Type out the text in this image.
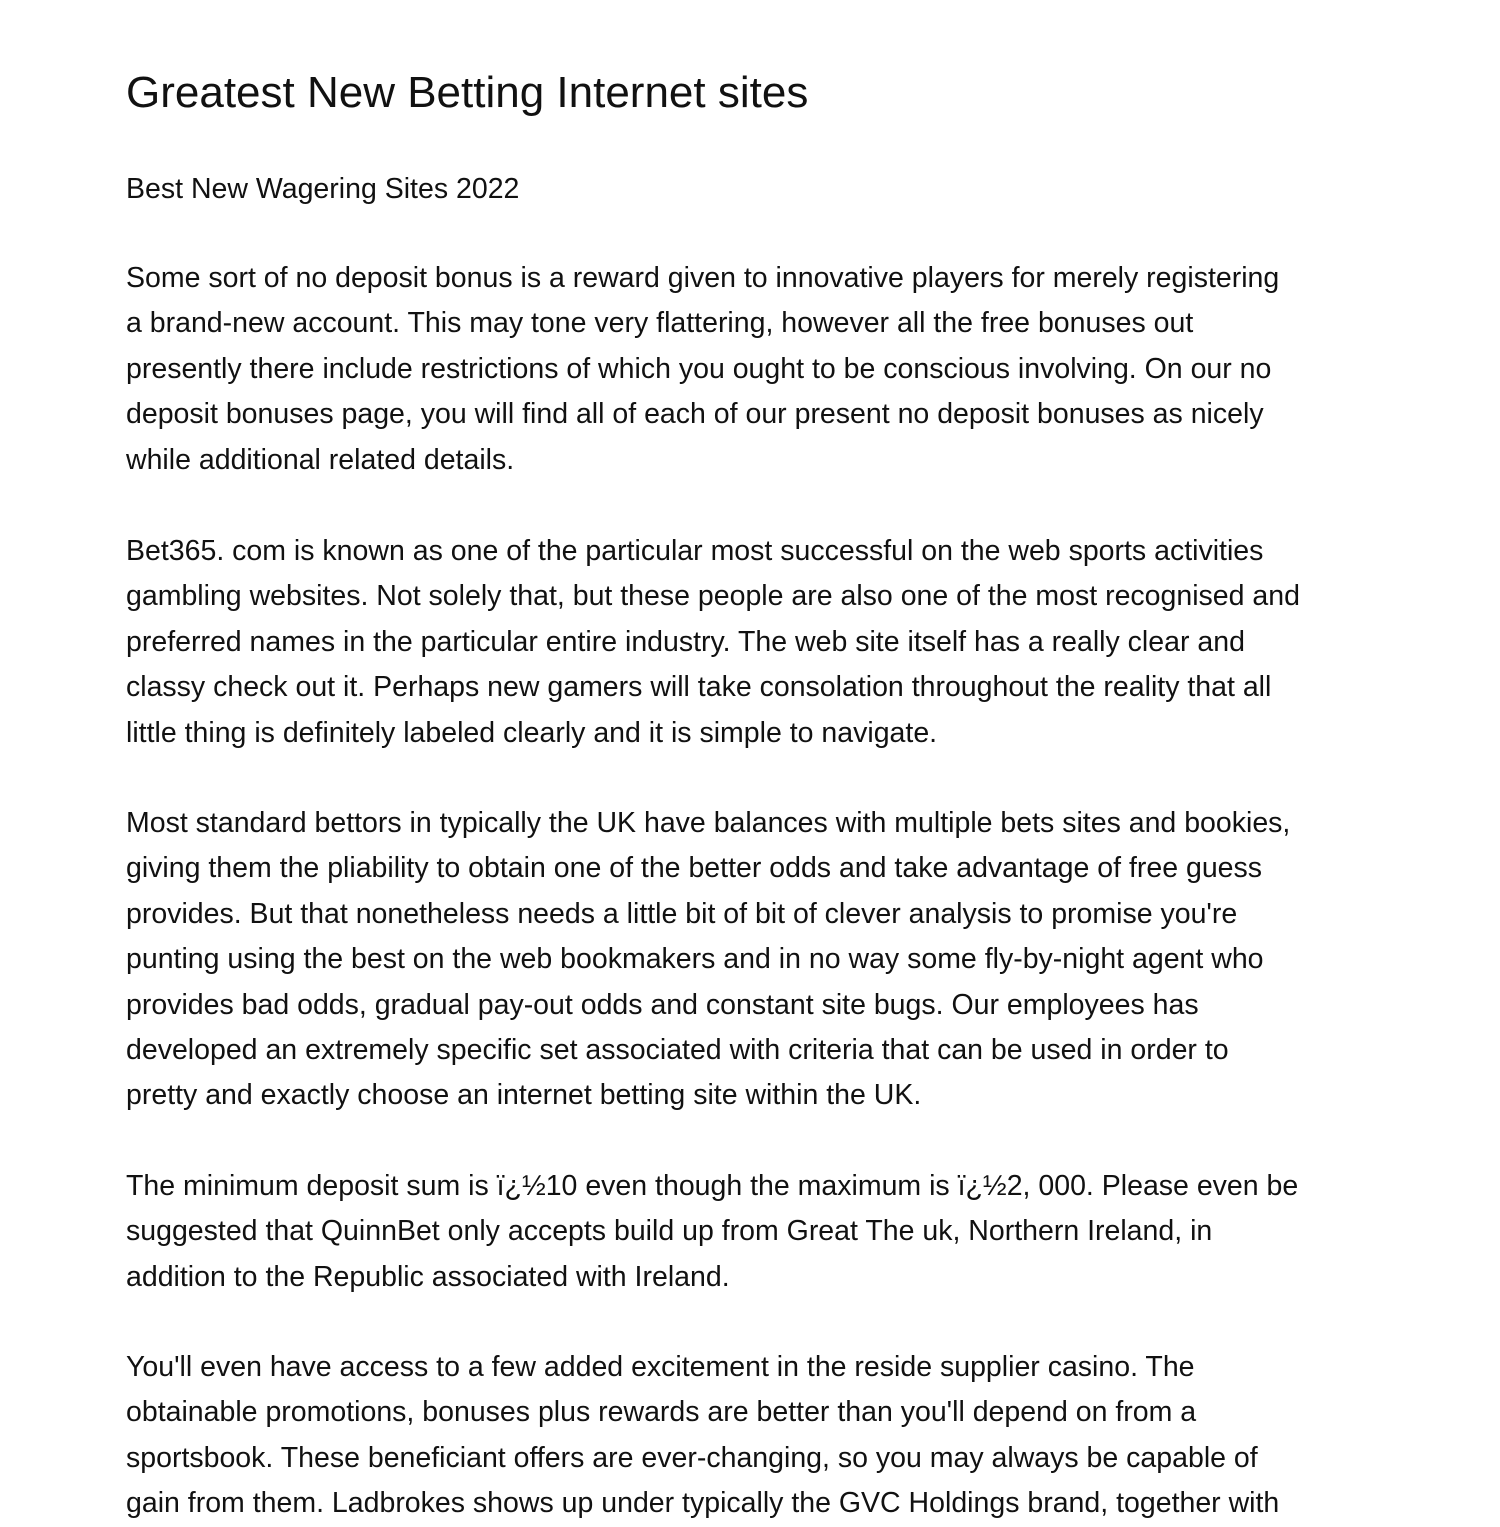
Greatest New Betting Internet sites

Best New Wagering Sites 2022

Some sort of no deposit bonus is a reward given to innovative players for merely registering
a brand-new account. This may tone very flattering, however all the free bonuses out
presently there include restrictions of which you ought to be conscious involving. On our no
deposit bonuses page, you will find all of each of our present no deposit bonuses as nicely
while additional related details.

Bet365. com is known as one of the particular most successful on the web sports activities
gambling websites. Not solely that, but these people are also one of the most recognised and
preferred names in the particular entire industry. The web site itself has a really clear and
classy check out it. Perhaps new gamers will take consolation throughout the reality that all
little thing is definitely labeled clearly and it is simple to navigate.

Most standard bettors in typically the UK have balances with multiple bets sites and bookies,
giving them the pliability to obtain one of the better odds and take advantage of free guess
provides. But that nonetheless needs a little bit of bit of clever analysis to promise you're
punting using the best on the web bookmakers and in no way some fly-by-night agent who
provides bad odds, gradual pay-out odds and constant site bugs. Our employees has
developed an extremely specific set associated with criteria that can be used in order to
pretty and exactly choose an internet betting site within the UK.

The minimum deposit sum is ï¿½10 even though the maximum is ï¿½2, 000. Please even be
suggested that QuinnBet only accepts build up from Great The uk, Northern Ireland, in
addition to the Republic associated with Ireland.

You'll even have access to a few added excitement in the reside supplier casino. The
obtainable promotions, bonuses plus rewards are better than you'll depend on from a
sportsbook. These beneficiant offers are ever-changing, so you may always be capable of
gain from them. Ladbrokes shows up under typically the GVC Holdings brand, together with
